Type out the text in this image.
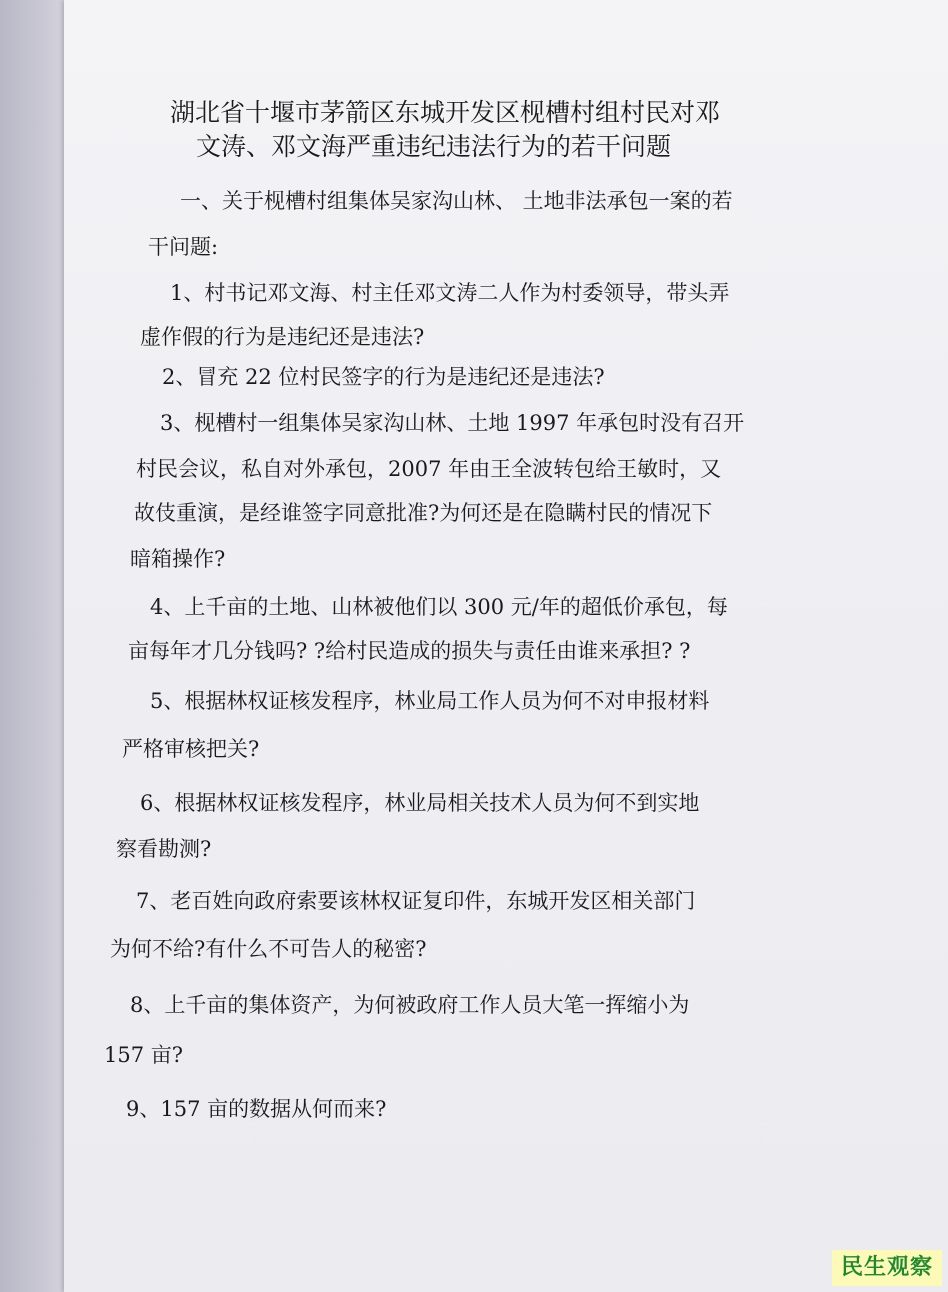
湖北省十堰市茅箭区东城开发区枧槽村组村民对邓
文涛、邓文海严重违纪违法行为的若干问题
一、关于枧槽村组集体吴家沟山林、 土地非法承包一案的若
干问题:
1、村书记邓文海、村主任邓文涛二人作为村委领导，带头弄
虚作假的行为是违纪还是违法?
2、冒充 22 位村民签字的行为是违纪还是违法?
3、枧槽村一组集体吴家沟山林、土地 1997 年承包时没有召开
村民会议，私自对外承包，2007 年由王全波转包给王敏时，又
故伎重演，是经谁签字同意批准?为何还是在隐瞒村民的情况下
暗箱操作?
4、上千亩的土地、山林被他们以 300 元/年的超低价承包，每
亩每年才几分钱吗? ?给村民造成的损失与责任由谁来承担? ?
5、根据林权证核发程序，林业局工作人员为何不对申报材料
严格审核把关?
6、根据林权证核发程序，林业局相关技术人员为何不到实地
察看勘测?
7、老百姓向政府索要该林权证复印件，东城开发区相关部门
为何不给?有什么不可告人的秘密?
8、上千亩的集体资产，为何被政府工作人员大笔一挥缩小为
157 亩?
9、157 亩的数据从何而来?
民生观察
